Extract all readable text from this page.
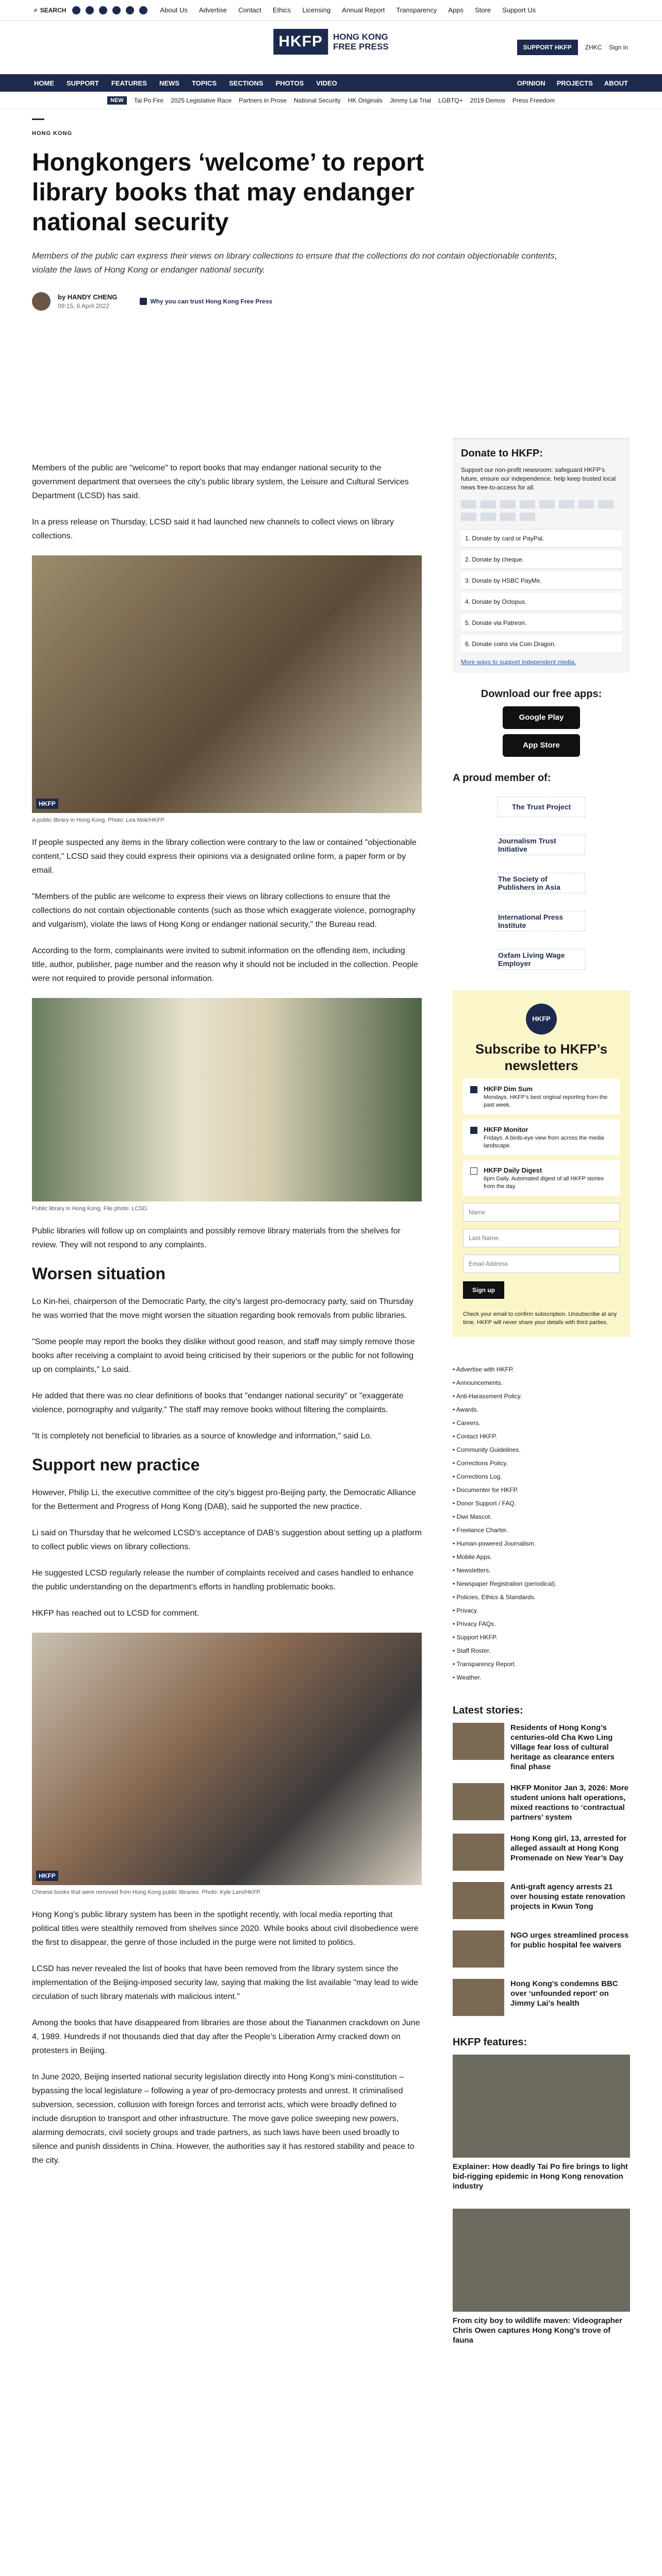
⌕ SEARCH	About Us Advertise Contact Ethics Licensing Annual Report Transparency Apps Store Support Us
HKFP	HONG KONG
FREE PRESS	SUPPORT HKFP	ZHKC Sign in
HOME SUPPORT FEATURES NEWS TOPICS SECTIONS PHOTOS VIDEO	OPINION PROJECTS ABOUT
NEW	Tai Po Fire 2025 Legislative Race Partners in Prose National Security HK Originals Jimmy Lai Trial LGBTQ+ 2019 Demos Press Freedom
HONG KONG
Hongkongers ‘welcome’ to report library books that may endanger national security

Members of the public can express their views on library collections to ensure that the collections do not contain objectionable contents, violate the laws of Hong Kong or endanger national security.

by HANDY CHENG
09:15, 6 April 2022
Why you can trust Hong Kong Free Press

Members of the public are "welcome" to report books that may endanger national security to the government department that oversees the city’s public library system, the Leisure and Cultural Services Department (LCSD) has said.

In a press release on Thursday, LCSD said it had launched new channels to collect views on library collections.

HKFP
A public library in Hong Kong. Photo: Lea Mok/HKFP.

If people suspected any items in the library collection were contrary to the law or contained "objectionable content," LCSD said they could express their opinions via a designated online form, a paper form or by email.

"Members of the public are welcome to express their views on library collections to ensure that the collections do not contain objectionable contents (such as those which exaggerate violence, pornography and vulgarism), violate the laws of Hong Kong or endanger national security," the Bureau read.

According to the form, complainants were invited to submit information on the offending item, including title, author, publisher, page number and the reason why it should not be included in the collection. People were not required to provide personal information.

Public library in Hong Kong. File photo: LCSD.

Public libraries will follow up on complaints and possibly remove library materials from the shelves for review. They will not respond to any complaints.

Worsen situation

Lo Kin-hei, chairperson of the Democratic Party, the city’s largest pro-democracy party, said on Thursday he was worried that the move might worsen the situation regarding book removals from public libraries.

"Some people may report the books they dislike without good reason, and staff may simply remove those books after receiving a complaint to avoid being criticised by their superiors or the public for not following up on complaints," Lo said.

He added that there was no clear definitions of books that "endanger national security" or "exaggerate violence, pornography and vulgarity." The staff may remove books without filtering the complaints.

"It is completely not beneficial to libraries as a source of knowledge and information," said Lo.

Support new practice

However, Philip Li, the executive committee of the city’s biggest pro-Beijing party, the Democratic Alliance for the Betterment and Progress of Hong Kong (DAB), said he supported the new practice.

Li said on Thursday that he welcomed LCSD’s acceptance of DAB’s suggestion about setting up a platform to collect public views on library collections.

He suggested LCSD regularly release the number of complaints received and cases handled to enhance the public understanding on the department’s efforts in handling problematic books.

HKFP has reached out to LCSD for comment.

HKFP
Chinese books that were removed from Hong Kong public libraries. Photo: Kyle Lam/HKFP.

Hong Kong’s public library system has been in the spotlight recently, with local media reporting that political titles were stealthily removed from shelves since 2020. While books about civil disobedience were the first to disappear, the genre of those included in the purge were not limited to politics.

LCSD has never revealed the list of books that have been removed from the library system since the implementation of the Beijing-imposed security law, saying that making the list available "may lead to wide circulation of such library materials with malicious intent."

Among the books that have disappeared from libraries are those about the Tiananmen crackdown on June 4, 1989. Hundreds if not thousands died that day after the People’s Liberation Army cracked down on protesters in Beijing.

In June 2020, Beijing inserted national security legislation directly into Hong Kong’s mini-constitution – bypassing the local legislature – following a year of pro-democracy protests and unrest. It criminalised subversion, secession, collusion with foreign forces and terrorist acts, which were broadly defined to include disruption to transport and other infrastructure. The move gave police sweeping new powers, alarming democrats, civil society groups and trade partners, as such laws have been used broadly to silence and punish dissidents in China. However, the authorities say it has restored stability and peace to the city.

Donate to HKFP:

Support our non-profit newsroom: safeguard HKFP’s future, ensure our independence, help keep trusted local news free-to-access for all.

1. Donate by card or PayPal.
2. Donate by cheque.
3. Donate by HSBC PayMe.
4. Donate by Octopus.
5. Donate via Patreon.
6. Donate coins via Coin Dragon.
More ways to support independent media.
Download our free apps:
Google Play
App Store
A proud member of:
The Trust Project
Journalism Trust Initiative
The Society of Publishers in Asia
International Press Institute
Oxfam Living Wage Employer
HKFP
Subscribe to HKFP’s newsletters
HKFP Dim Sum
Mondays. HKFP’s best original reporting from the past week.
HKFP Monitor
Fridays. A birds-eye view from across the media landscape.
HKFP Daily Digest
6pm Daily. Automated digest of all HKFP stories from the day.
Name
Last Name
Email Address
Sign up

Check your email to confirm subscription. Unsubscribe at any time. HKFP will never share your details with third parties.

• Advertise with HKFP.
• Announcements.
• Anti-Harassment Policy.
• Awards.
• Careers.
• Contact HKFP.
• Community Guidelines.
• Corrections Policy.
• Corrections Log.
• Documenter for HKFP.
• Donor Support / FAQ.
• Diwi Mascot.
• Freelance Charter.
• Human-powered Journalism.
• Mobile Apps.
• Newsletters.
• Newspaper Registration (periodical).
• Policies, Ethics & Standards.
• Privacy.
• Privacy FAQs.
• Support HKFP.
• Staff Roster.
• Transparency Report.
• Weather.
Latest stories:
Residents of Hong Kong’s centuries-old Cha Kwo Ling Village fear loss of cultural heritage as clearance enters final phase
HKFP Monitor Jan 3, 2026: More student unions halt operations, mixed reactions to ‘contractual partners’ system
Hong Kong girl, 13, arrested for alleged assault at Hong Kong Promenade on New Year’s Day
Anti-graft agency arrests 21 over housing estate renovation projects in Kwun Tong
NGO urges streamlined process for public hospital fee waivers
Hong Kong’s condemns BBC over ‘unfounded report’ on Jimmy Lai’s health
HKFP features:
Explainer: How deadly Tai Po fire brings to light bid-rigging epidemic in Hong Kong renovation industry
From city boy to wildlife maven: Videographer Chris Owen captures Hong Kong’s trove of fauna
